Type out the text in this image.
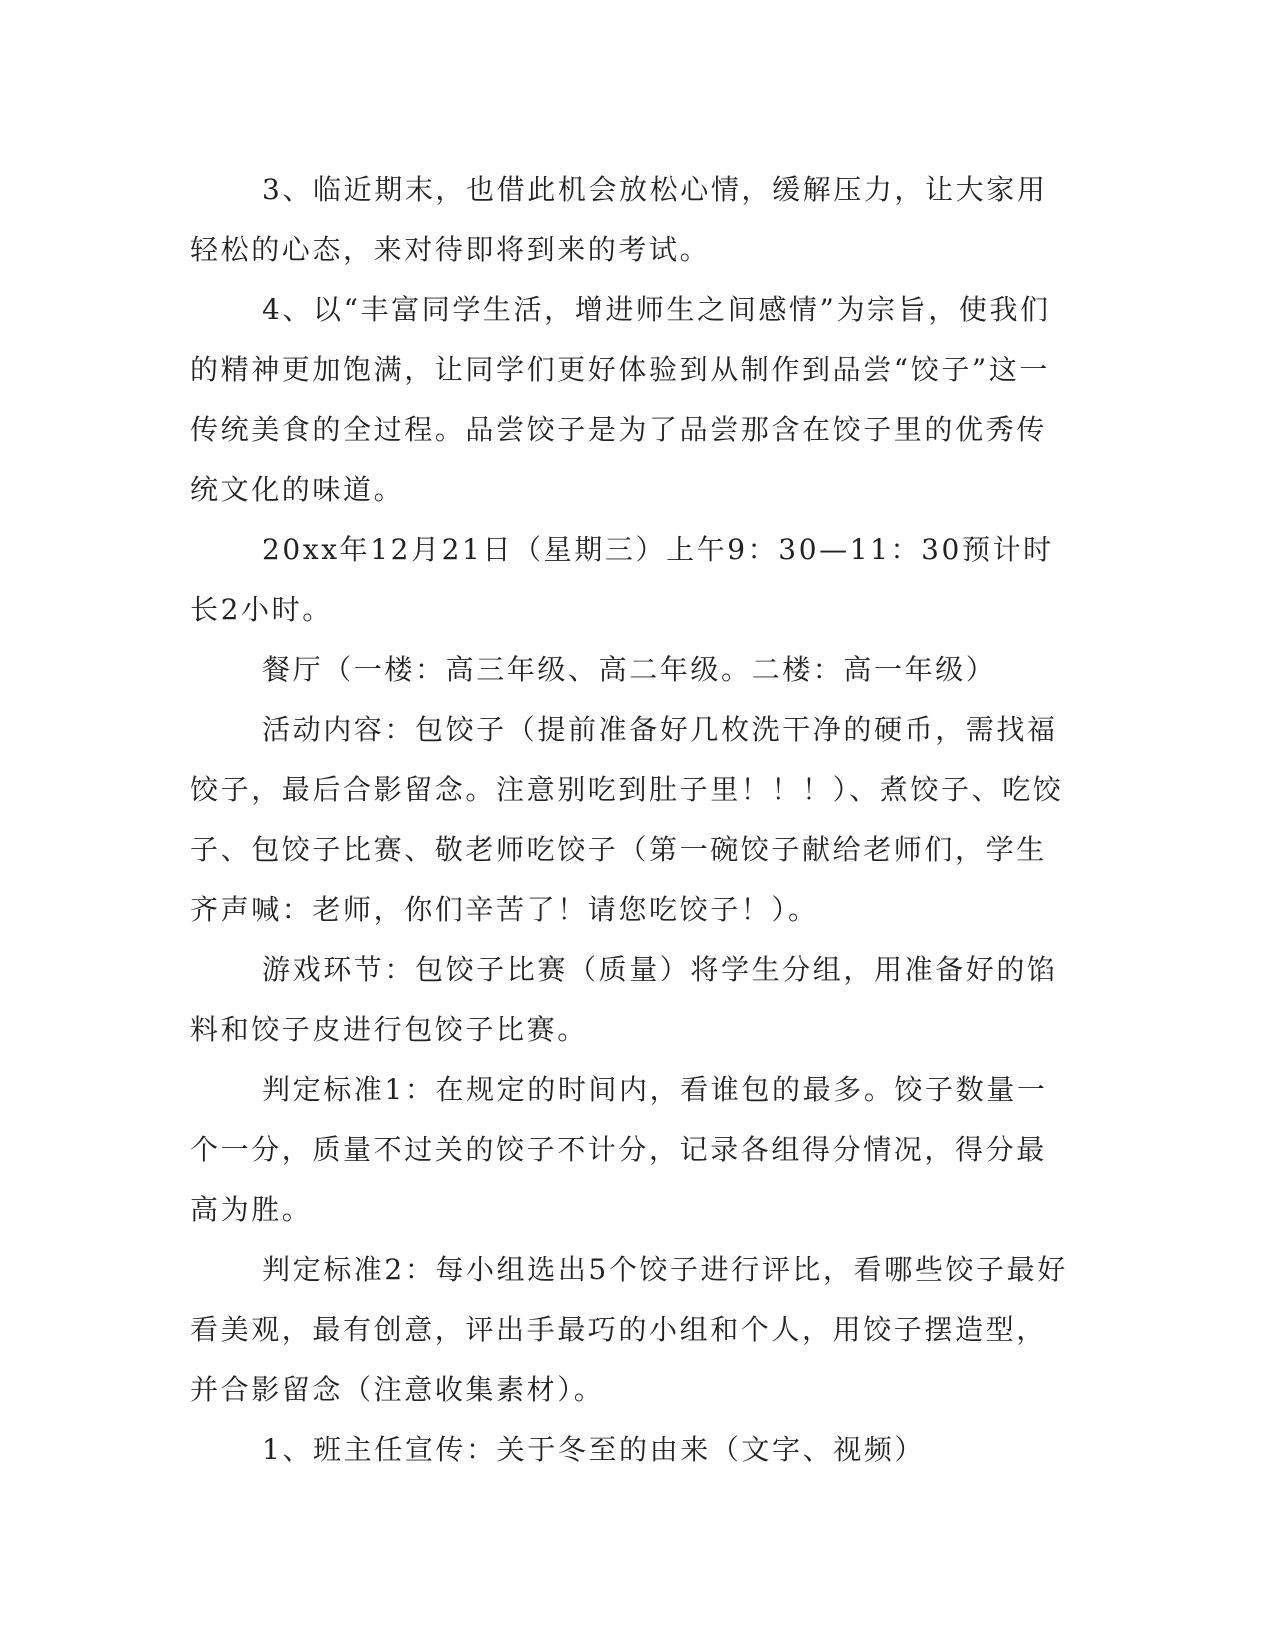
3、临近期末，也借此机会放松心情，缓解压力，让大家用轻松的心态，来对待即将到来的考试。

4、以“丰富同学生活，增进师生之间感情”为宗旨，使我们的精神更加饱满，让同学们更好体验到从制作到品尝“饺子”这一传统美食的全过程。品尝饺子是为了品尝那含在饺子里的优秀传统文化的味道。

20xx年12月21日（星期三）上午9：30—11：30预计时长2小时。

餐厅（一楼：高三年级、高二年级。二楼：高一年级）

活动内容：包饺子（提前准备好几枚洗干净的硬币，需找福饺子，最后合影留念。注意别吃到肚子里！！！）、煮饺子、吃饺子、包饺子比赛、敬老师吃饺子（第一碗饺子献给老师们，学生齐声喊：老师，你们辛苦了！请您吃饺子！）。

游戏环节：包饺子比赛（质量）将学生分组，用准备好的馅料和饺子皮进行包饺子比赛。

判定标准1：在规定的时间内，看谁包的最多。饺子数量一个一分，质量不过关的饺子不计分，记录各组得分情况，得分最高为胜。

判定标准2：每小组选出5个饺子进行评比，看哪些饺子最好看美观，最有创意，评出手最巧的小组和个人，用饺子摆造型，并合影留念（注意收集素材）。

1、班主任宣传：关于冬至的由来（文字、视频）
